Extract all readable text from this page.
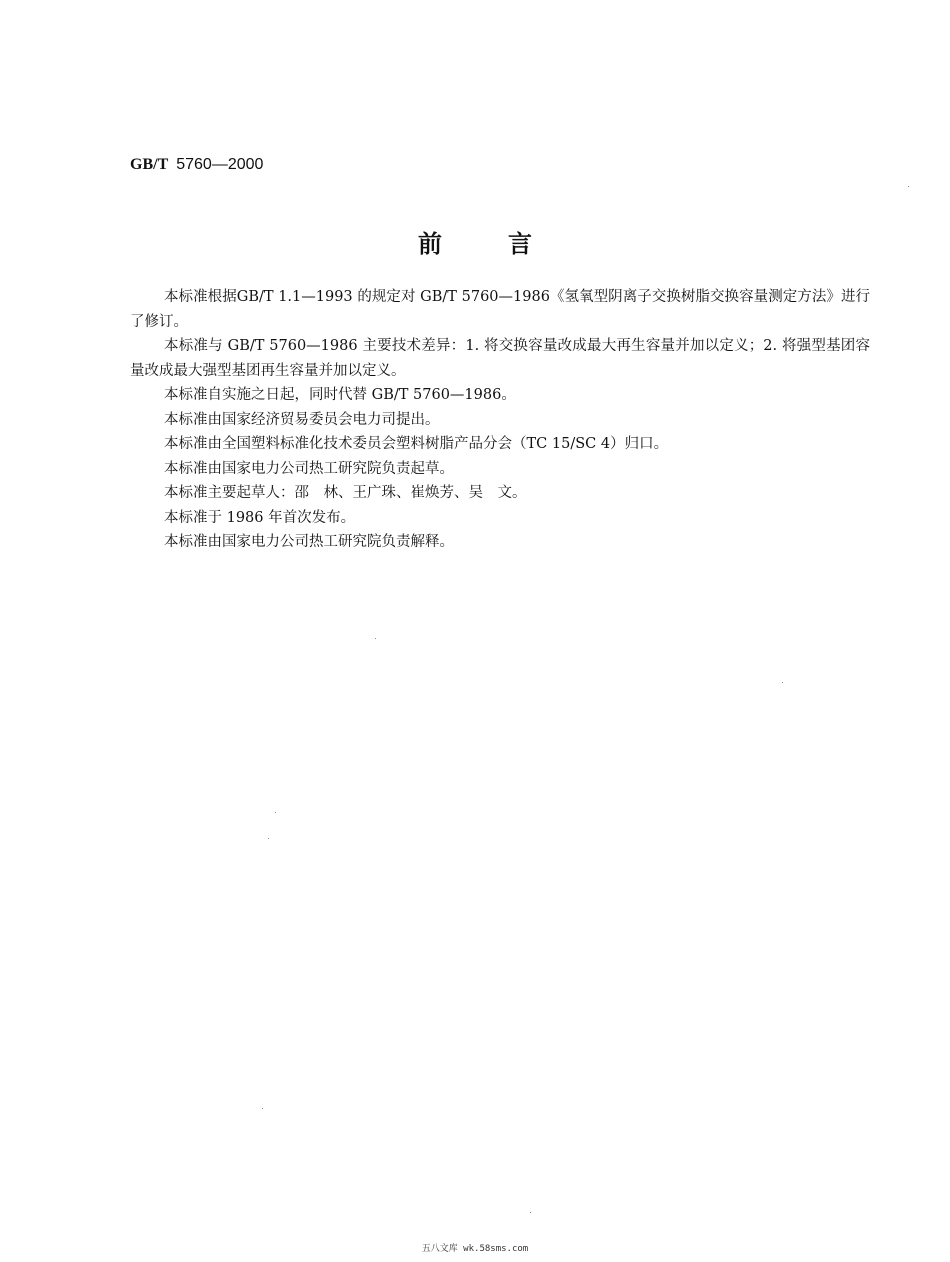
GB/T 5760—2000
前言

本标准根据GB/T 1.1—1993 的规定对 GB/T 5760—1986《氢氧型阴离子交换树脂交换容量测定方法》进行了修订。

本标准与 GB/T 5760—1986 主要技术差异：1. 将交换容量改成最大再生容量并加以定义；2. 将强型基团容量改成最大强型基团再生容量并加以定义。

本标准自实施之日起，同时代替 GB/T 5760—1986。

本标准由国家经济贸易委员会电力司提出。

本标准由全国塑料标准化技术委员会塑料树脂产品分会（TC 15/SC 4）归口。

本标准由国家电力公司热工研究院负责起草。

本标准主要起草人：邵　林、王广珠、崔焕芳、吴　文。

本标准于 1986 年首次发布。

本标准由国家电力公司热工研究院负责解释。

五八文库 wk.58sms.com
